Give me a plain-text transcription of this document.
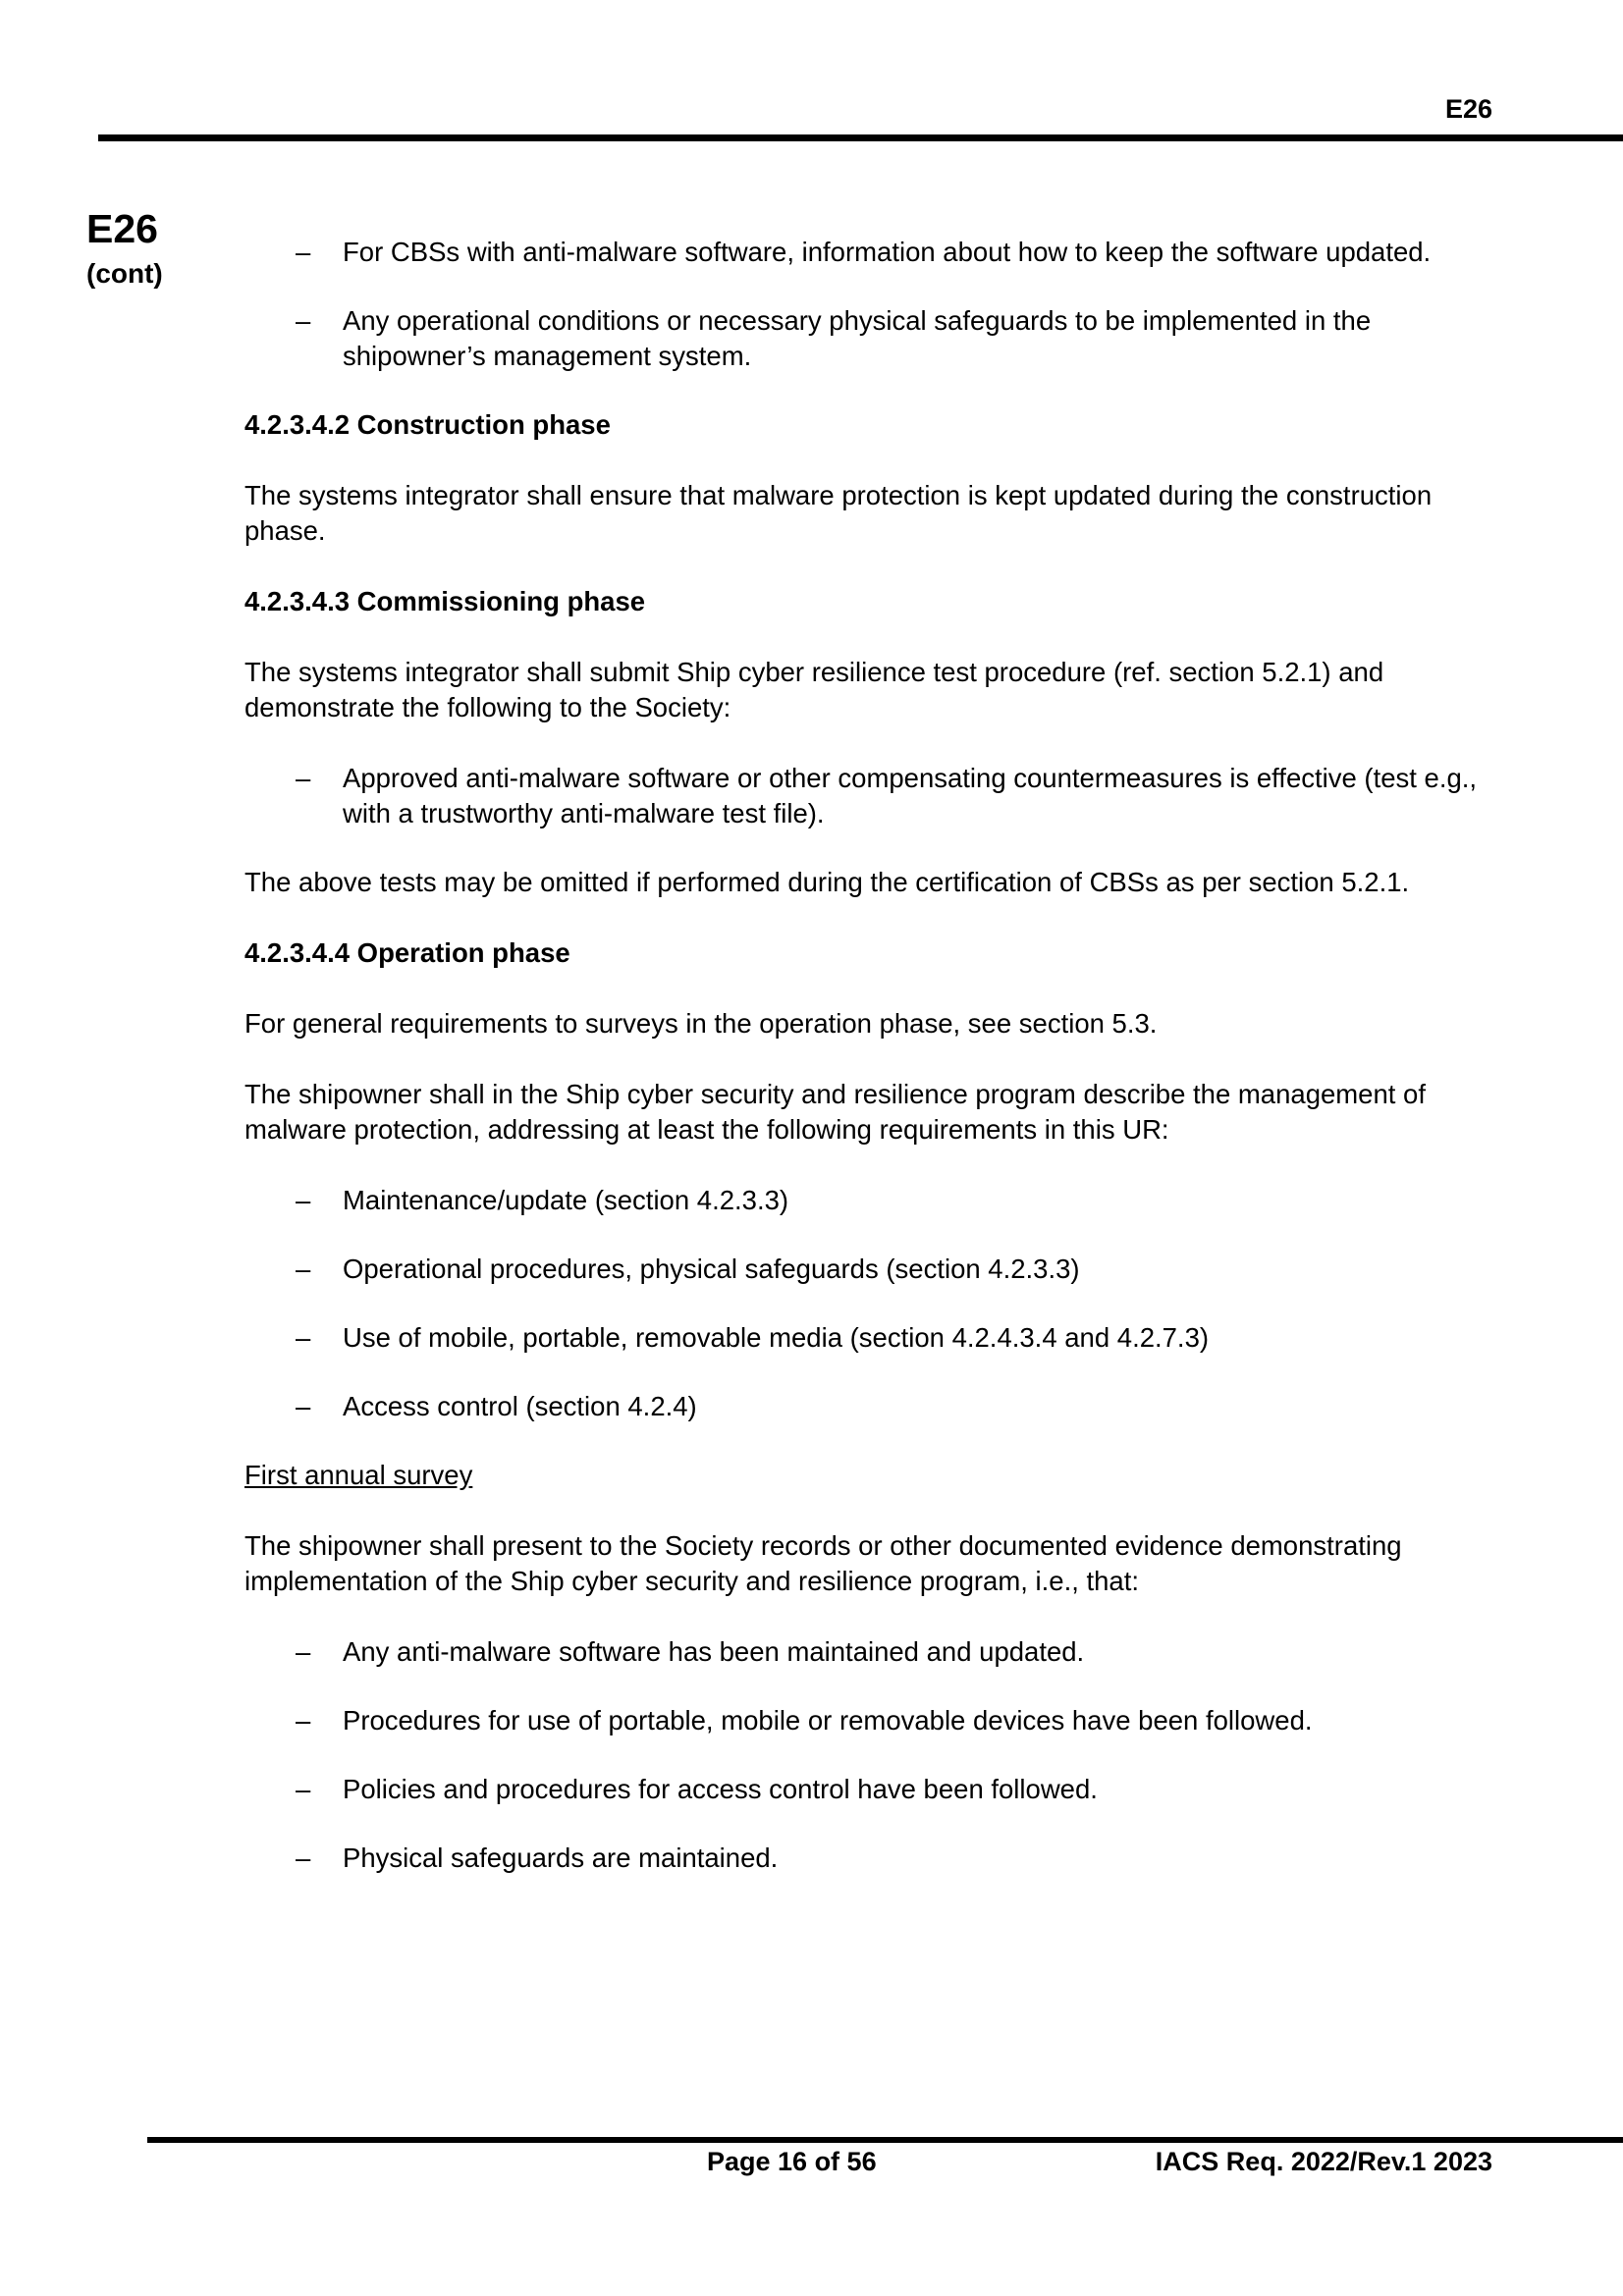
E26
E26
(cont)
– For CBSs with anti-malware software, information about how to keep the software updated.
– Any operational conditions or necessary physical safeguards to be implemented in the shipowner’s management system.
4.2.3.4.2 Construction phase

The systems integrator shall ensure that malware protection is kept updated during the construction phase.

4.2.3.4.3 Commissioning phase

The systems integrator shall submit Ship cyber resilience test procedure (ref. section 5.2.1) and demonstrate the following to the Society:

– Approved anti-malware software or other compensating countermeasures is effective (test e.g., with a trustworthy anti-malware test file).

The above tests may be omitted if performed during the certification of CBSs as per section 5.2.1.

4.2.3.4.4 Operation phase

For general requirements to surveys in the operation phase, see section 5.3.

The shipowner shall in the Ship cyber security and resilience program describe the management of malware protection, addressing at least the following requirements in this UR:

– Maintenance/update (section 4.2.3.3)
– Operational procedures, physical safeguards (section 4.2.3.3)
– Use of mobile, portable, removable media (section 4.2.4.3.4 and 4.2.7.3)
– Access control (section 4.2.4)
First annual survey

The shipowner shall present to the Society records or other documented evidence demonstrating implementation of the Ship cyber security and resilience program, i.e., that:

– Any anti-malware software has been maintained and updated.
– Procedures for use of portable, mobile or removable devices have been followed.
– Policies and procedures for access control have been followed.
– Physical safeguards are maintained.
Page 16 of 56	IACS Req. 2022/Rev.1 2023
